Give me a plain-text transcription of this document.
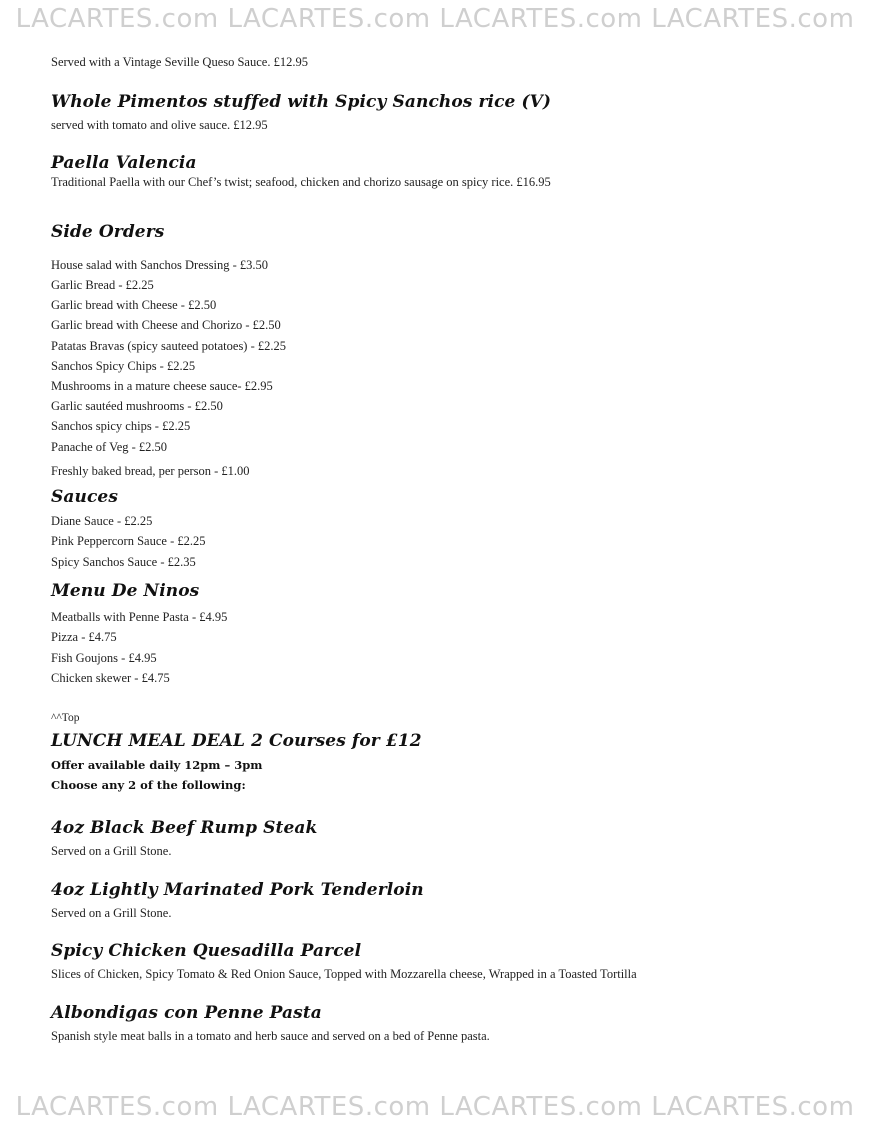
LACARTES.com LACARTES.com LACARTES.com LACARTES.com
Served with a Vintage Seville Queso Sauce. £12.95
Whole Pimentos stuffed with Spicy Sanchos rice (V)
served with tomato and olive sauce. £12.95
Paella Valencia
Traditional Paella with our Chef’s twist; seafood, chicken and chorizo sausage on spicy rice. £16.95
Side Orders
House salad with Sanchos Dressing - £3.50
Garlic Bread - £2.25
Garlic bread with Cheese - £2.50
Garlic bread with Cheese and Chorizo - £2.50
Patatas Bravas (spicy sauteed potatoes) - £2.25
Sanchos Spicy Chips - £2.25
Mushrooms in a mature cheese sauce- £2.95
Garlic sautéed mushrooms - £2.50
Sanchos spicy chips - £2.25
Panache of Veg - £2.50
Freshly baked bread, per person - £1.00
Sauces
Diane Sauce - £2.25
Pink Peppercorn Sauce - £2.25
Spicy Sanchos Sauce - £2.35
Menu De Ninos
Meatballs with Penne Pasta - £4.95
Pizza - £4.75
Fish Goujons - £4.95
Chicken skewer - £4.75
^^Top
LUNCH MEAL DEAL 2 Courses for £12
Offer available daily 12pm – 3pm
Choose any 2 of the following:
4oz Black Beef Rump Steak
Served on a Grill Stone.
4oz Lightly Marinated Pork Tenderloin
Served on a Grill Stone.
Spicy Chicken Quesadilla Parcel
Slices of Chicken, Spicy Tomato & Red Onion Sauce, Topped with Mozzarella cheese, Wrapped in a Toasted Tortilla
Albondigas con Penne Pasta
Spanish style meat balls in a tomato and herb sauce and served on a bed of Penne pasta.
LACARTES.com LACARTES.com LACARTES.com LACARTES.com
